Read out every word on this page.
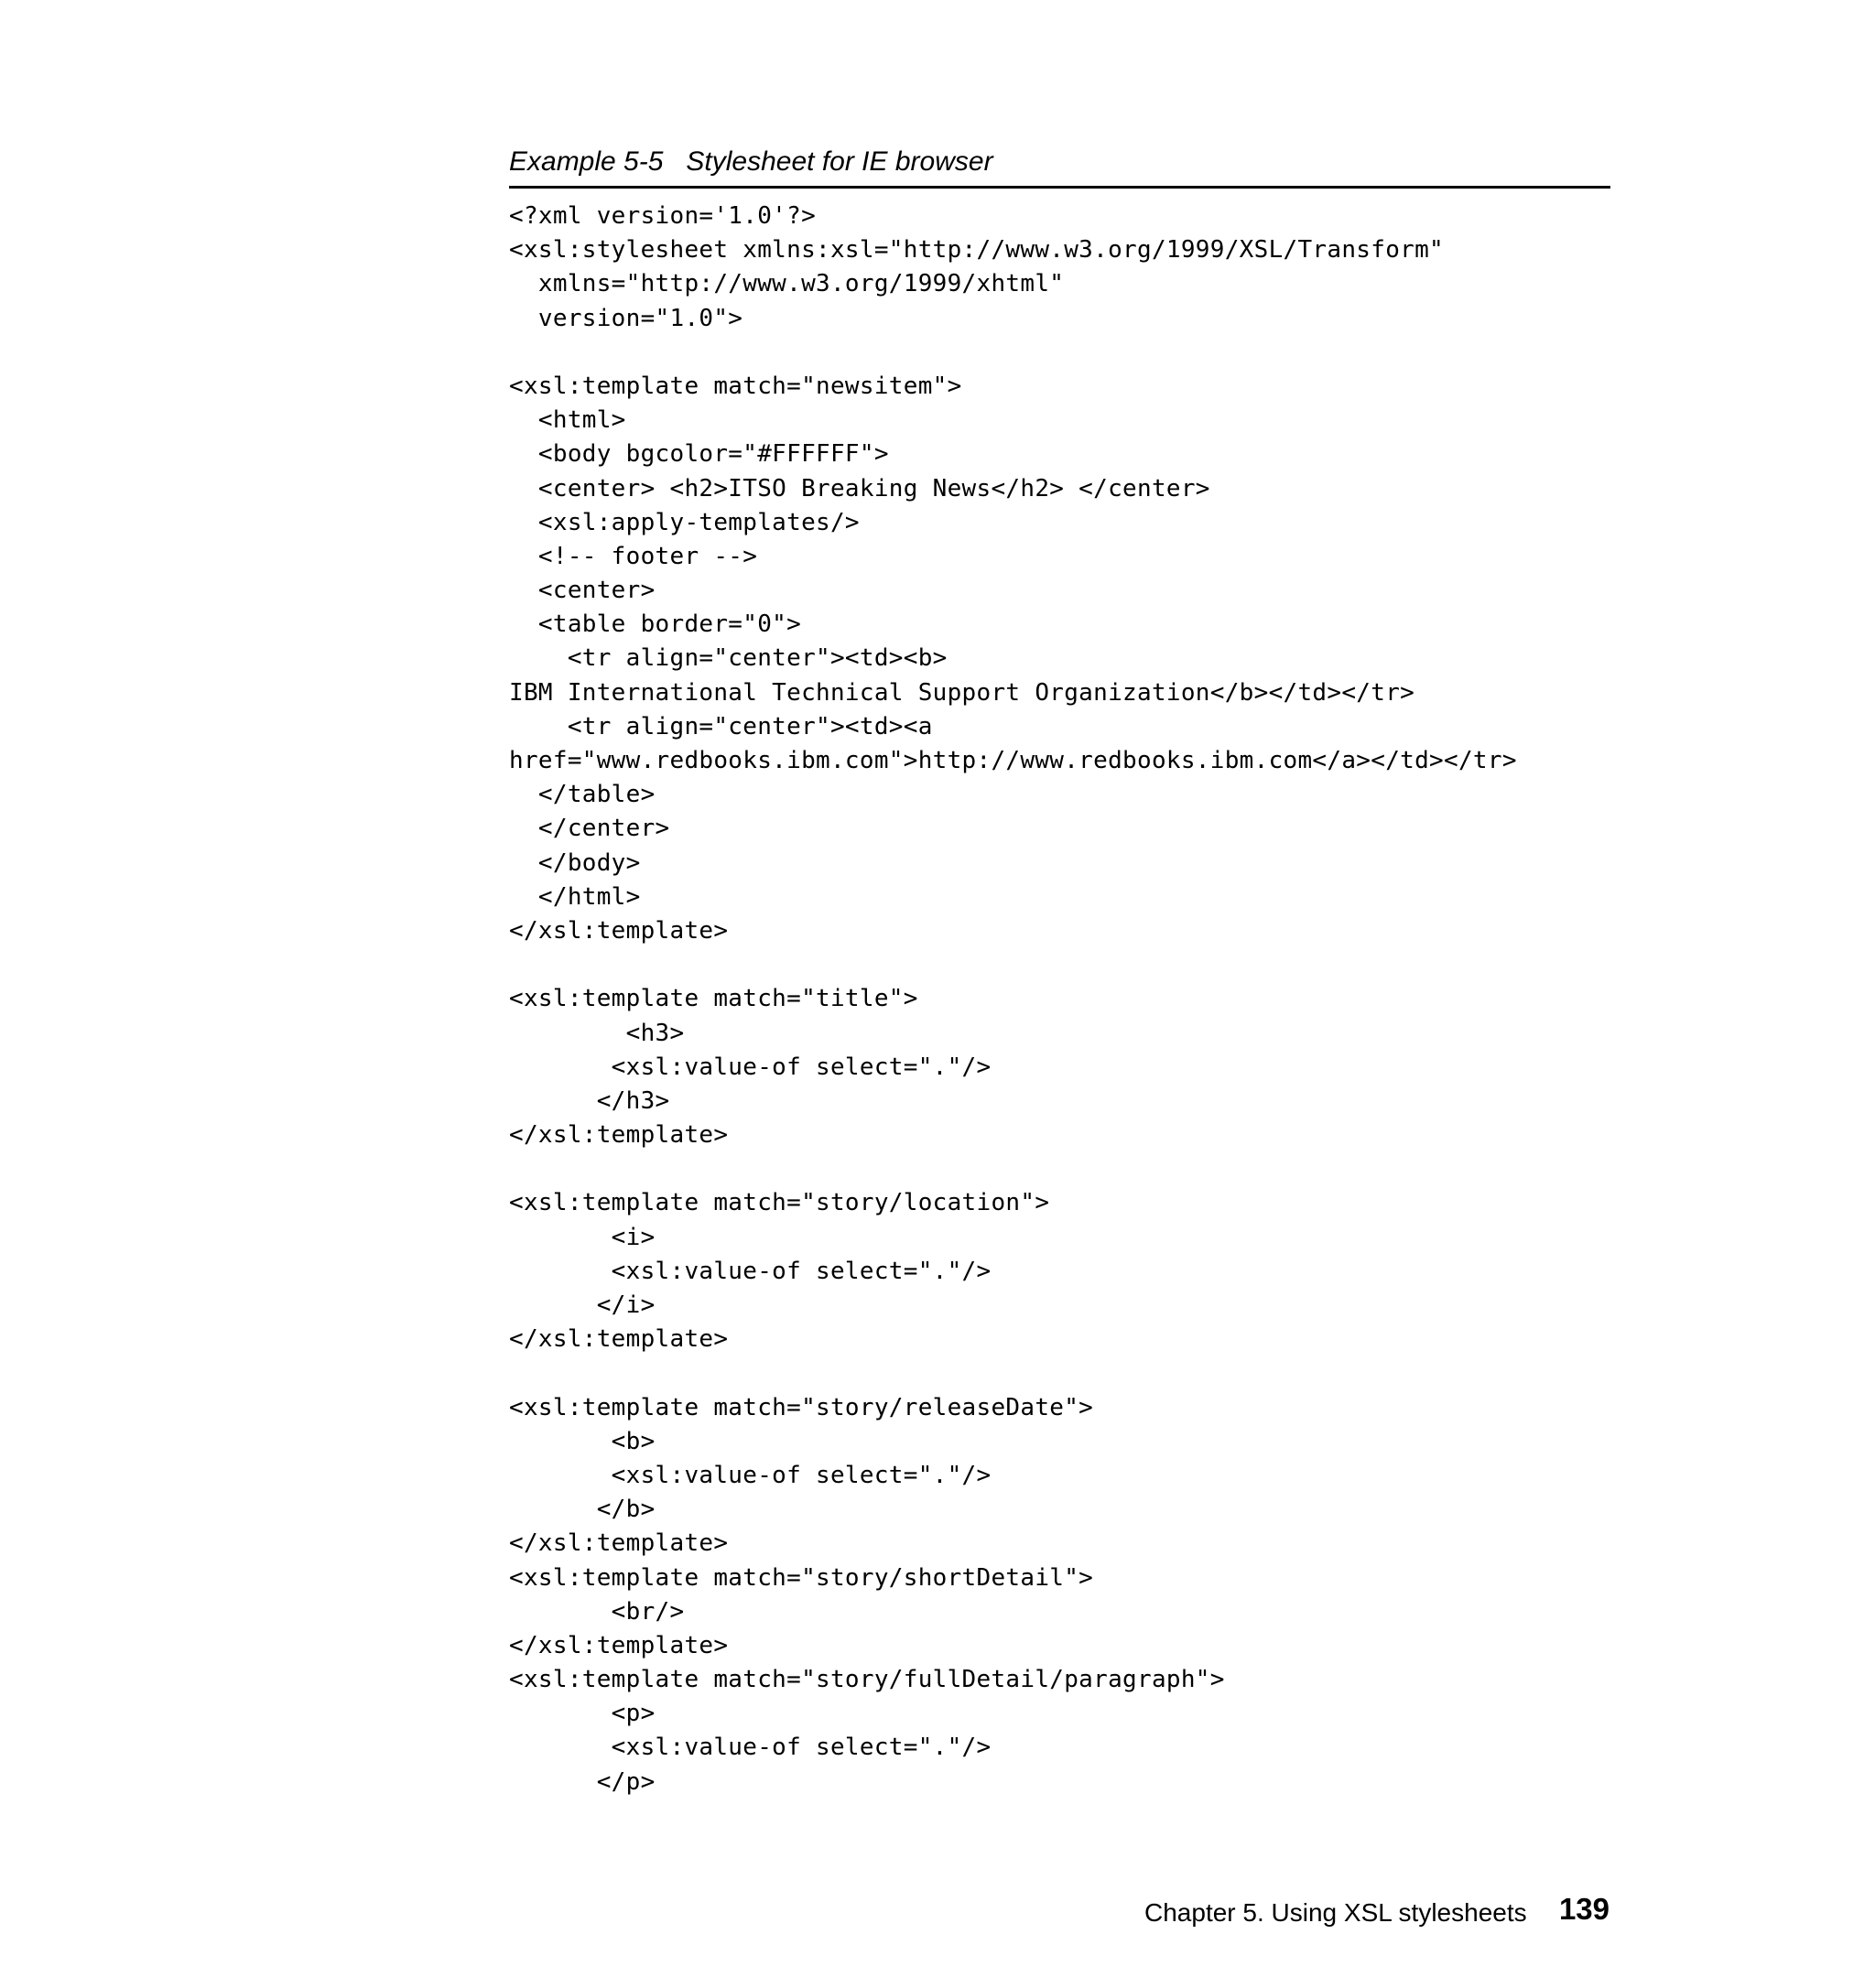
Example 5-5   Stylesheet for IE browser
<?xml version='1.0'?>
<xsl:stylesheet xmlns:xsl="http://www.w3.org/1999/XSL/Transform"
xmlns="http://www.w3.org/1999/xhtml"
version="1.0">
<xsl:template match="newsitem">
<html>
<body bgcolor="#FFFFFF">
<center> <h2>ITSO Breaking News</h2> </center>
<xsl:apply-templates/>
<!-- footer -->
<center>
<table border="0">
<tr align="center"><td><b>
IBM International Technical Support Organization</b></td></tr>
<tr align="center"><td><a
href="www.redbooks.ibm.com">http://www.redbooks.ibm.com</a></td></tr>
</table>
</center>
</body>
</html>
</xsl:template>
<xsl:template match="title">
<h3>
<xsl:value-of select="."/>
</h3>
</xsl:template>
<xsl:template match="story/location">
<i>
<xsl:value-of select="."/>
</i>
</xsl:template>
<xsl:template match="story/releaseDate">
<b>
<xsl:value-of select="."/>
</b>
</xsl:template>
<xsl:template match="story/shortDetail">
<br/>
</xsl:template>
<xsl:template match="story/fullDetail/paragraph">
<p>
<xsl:value-of select="."/>
</p>
Chapter 5. Using XSL stylesheets	139
